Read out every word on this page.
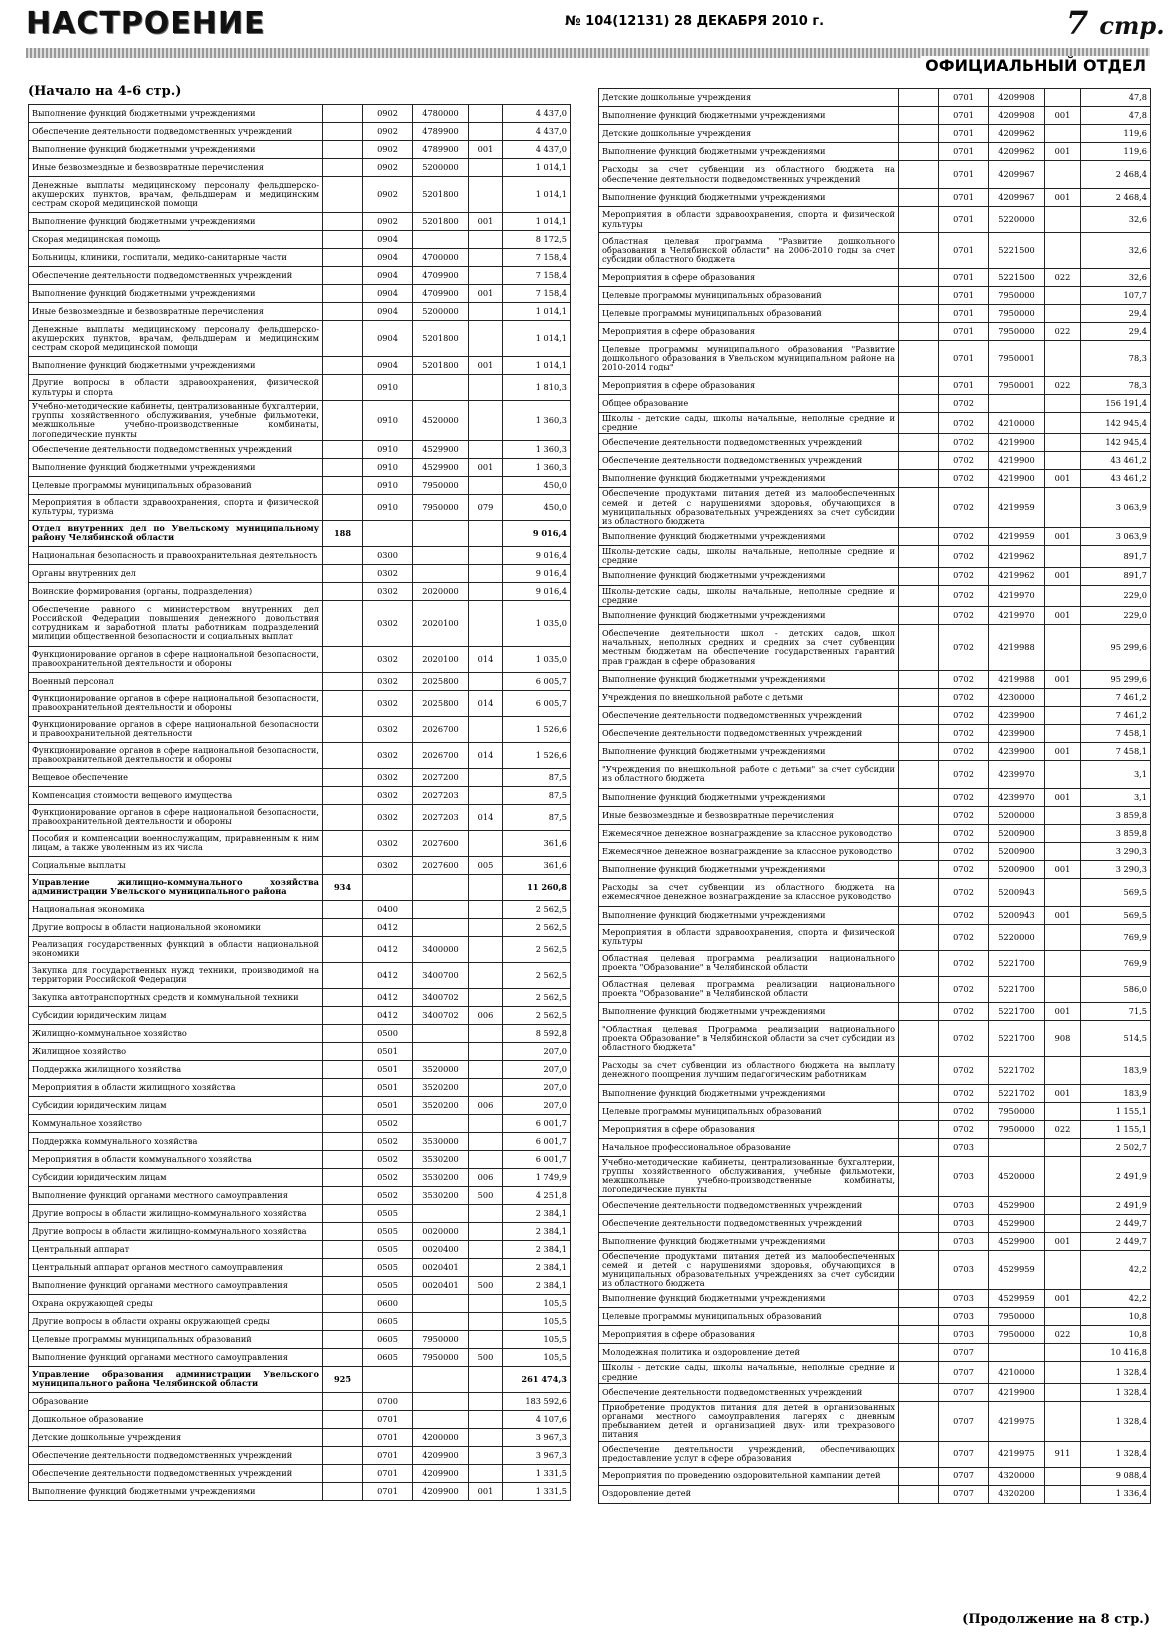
НАСТРОЕНИЕ	№ 104(12131) 28 ДЕКАБРЯ 2010 г.	7 стр.
ОФИЦИАЛЬНЫЙ ОТДЕЛ
(Начало на 4-6 стр.)
Выполнение функций бюджетными учреждениями		0902	4780000		4 437,0
Обеспечение деятельности подведомственных учреждений		0902	4789900		4 437,0
Выполнение функций бюджетными учреждениями		0902	4789900	001	4 437,0
Иные безвозмездные и безвозвратные перечисления		0902	5200000		1 014,1
Денежные выплаты медицинскому персоналу фельдшерско-акушерских пунктов, врачам, фельдшерам и медицинским сестрам скорой медицинской помощи		0902	5201800		1 014,1
Выполнение функций бюджетными учреждениями		0902	5201800	001	1 014,1
Скорая медицинская помощь		0904			8 172,5
Больницы, клиники, госпитали, медико-санитарные части		0904	4700000		7 158,4
Обеспечение деятельности подведомственных учреждений		0904	4709900		7 158,4
Выполнение функций бюджетными учреждениями		0904	4709900	001	7 158,4
Иные безвозмездные и безвозвратные перечисления		0904	5200000		1 014,1
Денежные выплаты медицинскому персоналу фельдшерско-акушерских пунктов, врачам, фельдшерам и медицинским сестрам скорой медицинской помощи		0904	5201800		1 014,1
Выполнение функций бюджетными учреждениями		0904	5201800	001	1 014,1
Другие вопросы в области здравоохранения, физической культуры и спорта		0910			1 810,3
Учебно-методические кабинеты, централизованные бухгалтерии, группы хозяйственного обслуживания, учебные фильмотеки, межшкольные учебно-производственные комбинаты, логопедические пункты		0910	4520000		1 360,3
Обеспечение деятельности подведомственных учреждений		0910	4529900		1 360,3
Выполнение функций бюджетными учреждениями		0910	4529900	001	1 360,3
Целевые программы муниципальных образований		0910	7950000		450,0
Мероприятия в области здравоохранения, спорта и физической культуры, туризма		0910	7950000	079	450,0
Отдел внутренних дел по Увельскому муниципальному району Челябинской области	188				9 016,4
Национальная безопасность и правоохранительная деятельность		0300			9 016,4
Органы внутренних дел		0302			9 016,4
Воинские формирования (органы, подразделения)		0302	2020000		9 016,4
Обеспечение равного с министерством внутренних дел Российской Федерации повышения денежного довольствия сотрудникам и заработной платы работникам подразделений милиции общественной безопасности и социальных выплат		0302	2020100		1 035,0
Функционирование органов в сфере национальной безопасности, правоохранительной деятельности и обороны		0302	2020100	014	1 035,0
Военный персонал		0302	2025800		6 005,7
Функционирование органов в сфере национальной безопасности, правоохранительной деятельности и обороны		0302	2025800	014	6 005,7
Функционирование органов в сфере национальной безопасности и правоохранительной деятельности		0302	2026700		1 526,6
Функционирование органов в сфере национальной безопасности, правоохранительной деятельности и обороны		0302	2026700	014	1 526,6
Вещевое обеспечение		0302	2027200		87,5
Компенсация стоимости вещевого имущества		0302	2027203		87,5
Функционирование органов в сфере национальной безопасности, правоохранительной деятельности и обороны		0302	2027203	014	87,5
Пособия и компенсации военнослужащим, приравненным к ним лицам, а также уволенным из их числа		0302	2027600		361,6
Социальные выплаты		0302	2027600	005	361,6
Управление жилищно-коммунального хозяйства администрации Увельского муниципального района	934				11 260,8
Национальная экономика		0400			2 562,5
Другие вопросы в области национальной экономики		0412			2 562,5
Реализация государственных функций в области национальной экономики		0412	3400000		2 562,5
Закупка для государственных нужд техники, производимой на территории Российской Федерации		0412	3400700		2 562,5
Закупка автотранспортных средств и коммунальной техники		0412	3400702		2 562,5
Субсидии юридическим лицам		0412	3400702	006	2 562,5
Жилищно-коммунальное хозяйство		0500			8 592,8
Жилищное хозяйство		0501			207,0
Поддержка жилищного хозяйства		0501	3520000		207,0
Мероприятия в области жилищного хозяйства		0501	3520200		207,0
Субсидии юридическим лицам		0501	3520200	006	207,0
Коммунальное хозяйство		0502			6 001,7
Поддержка коммунального хозяйства		0502	3530000		6 001,7
Мероприятия в области коммунального хозяйства		0502	3530200		6 001,7
Субсидии юридическим лицам		0502	3530200	006	1 749,9
Выполнение функций органами местного самоуправления		0502	3530200	500	4 251,8
Другие вопросы в области жилищно-коммунального хозяйства		0505			2 384,1
Другие вопросы в области жилищно-коммунального хозяйства		0505	0020000		2 384,1
Центральный аппарат		0505	0020400		2 384,1
Центральный аппарат органов местного самоуправления		0505	0020401		2 384,1
Выполнение функций органами местного самоуправления		0505	0020401	500	2 384,1
Охрана окружающей среды		0600			105,5
Другие вопросы в области охраны окружающей среды		0605			105,5
Целевые программы муниципальных образований		0605	7950000		105,5
Выполнение функций органами местного самоуправления		0605	7950000	500	105,5
Управление образования администрации Увельского муниципального района Челябинской области	925				261 474,3
Образование		0700			183 592,6
Дошкольное образование		0701			4 107,6
Детские дошкольные учреждения		0701	4200000		3 967,3
Обеспечение деятельности подведомственных учреждений		0701	4209900		3 967,3
Обеспечение деятельности подведомственных учреждений		0701	4209900		1 331,5
Выполнение функций бюджетными учреждениями		0701	4209900	001	1 331,5
Детские дошкольные учреждения		0701	4209908		47,8
Выполнение функций бюджетными учреждениями		0701	4209908	001	47,8
Детские дошкольные учреждения		0701	4209962		119,6
Выполнение функций бюджетными учреждениями		0701	4209962	001	119,6
Расходы за счет субвенции из областного бюджета на обеспечение деятельности подведомственных учреждений		0701	4209967		2 468,4
Выполнение функций бюджетными учреждениями		0701	4209967	001	2 468,4
Мероприятия в области здравоохранения, спорта и физической культуры		0701	5220000		32,6
Областная целевая программа "Развитие дошкольного образования в Челябинской области" на 2006-2010 годы за счет субсидии областного бюджета		0701	5221500		32,6
Мероприятия в сфере образования		0701	5221500	022	32,6
Целевые программы муниципальных образований		0701	7950000		107,7
Целевые программы муниципальных образований		0701	7950000		29,4
Мероприятия в сфере образования		0701	7950000	022	29,4
Целевые программы муниципального образования "Развитие дошкольного образования в Увельском муниципальном районе на 2010-2014 годы"		0701	7950001		78,3
Мероприятия в сфере образования		0701	7950001	022	78,3
Общее образование		0702			156 191,4
Школы - детские сады, школы начальные, неполные средние и средние		0702	4210000		142 945,4
Обеспечение деятельности подведомственных учреждений		0702	4219900		142 945,4
Обеспечение деятельности подведомственных учреждений		0702	4219900		43 461,2
Выполнение функций бюджетными учреждениями		0702	4219900	001	43 461,2
Обеспечение продуктами питания детей из малообеспеченных семей и детей с нарушениями здоровья, обучающихся в муниципальных образовательных учреждениях за счет субсидии из областного бюджета		0702	4219959		3 063,9
Выполнение функций бюджетными учреждениями		0702	4219959	001	3 063,9
Школы-детские сады, школы начальные, неполные средние и средние		0702	4219962		891,7
Выполнение функций бюджетными учреждениями		0702	4219962	001	891,7
Школы-детские сады, школы начальные, неполные средние и средние		0702	4219970		229,0
Выполнение функций бюджетными учреждениями		0702	4219970	001	229,0
Обеспечение деятельности школ - детских садов, школ начальных, неполных средних и средних за счет субвенции местным бюджетам на обеспечение государственных гарантий прав граждан в сфере образования		0702	4219988		95 299,6
Выполнение функций бюджетными учреждениями		0702	4219988	001	95 299,6
Учреждения по внешкольной работе с детьми		0702	4230000		7 461,2
Обеспечение деятельности подведомственных учреждений		0702	4239900		7 461,2
Обеспечение деятельности подведомственных учреждений		0702	4239900		7 458,1
Выполнение функций бюджетными учреждениями		0702	4239900	001	7 458,1
"Учреждения по внешкольной работе с детьми" за счет субсидии из областного бюджета		0702	4239970		3,1
Выполнение функций бюджетными учреждениями		0702	4239970	001	3,1
Иные безвозмездные и безвозвратные перечисления		0702	5200000		3 859,8
Ежемесячное денежное вознаграждение за классное руководство		0702	5200900		3 859,8
Ежемесячное денежное вознаграждение за классное руководство		0702	5200900		3 290,3
Выполнение функций бюджетными учреждениями		0702	5200900	001	3 290,3
Расходы за счет субвенции из областного бюджета на ежемесячное денежное вознаграждение за классное руководство		0702	5200943		569,5
Выполнение функций бюджетными учреждениями		0702	5200943	001	569,5
Мероприятия в области здравоохранения, спорта и физической культуры		0702	5220000		769,9
Областная целевая программа реализации национального проекта "Образование" в Челябинской области		0702	5221700		769,9
Областная целевая программа реализации национального проекта "Образование" в Челябинской области		0702	5221700		586,0
Выполнение функций бюджетными учреждениями		0702	5221700	001	71,5
"Областная целевая Программа реализации национального проекта Образование" в Челябинской области за счет субсидии из областного бюджета"		0702	5221700	908	514,5
Расходы за счет субвенции из областного бюджета на выплату денежного поощрения лучшим педагогическим работникам		0702	5221702		183,9
Выполнение функций бюджетными учреждениями		0702	5221702	001	183,9
Целевые программы муниципальных образований		0702	7950000		1 155,1
Мероприятия в сфере образования		0702	7950000	022	1 155,1
Начальное профессиональное образование		0703			2 502,7
Учебно-методические кабинеты, централизованные бухгалтерии, группы хозяйственного обслуживания, учебные фильмотеки, межшкольные учебно-производственные комбинаты, логопедические пункты		0703	4520000		2 491,9
Обеспечение деятельности подведомственных учреждений		0703	4529900		2 491,9
Обеспечение деятельности подведомственных учреждений		0703	4529900		2 449,7
Выполнение функций бюджетными учреждениями		0703	4529900	001	2 449,7
Обеспечение продуктами питания детей из малообеспеченных семей и детей с нарушениями здоровья, обучающихся в муниципальных образовательных учреждениях за счет субсидии из областного бюджета		0703	4529959		42,2
Выполнение функций бюджетными учреждениями		0703	4529959	001	42,2
Целевые программы муниципальных образований		0703	7950000		10,8
Мероприятия в сфере образования		0703	7950000	022	10,8
Молодежная политика и оздоровление детей		0707			10 416,8
Школы - детские сады, школы начальные, неполные средние и средние		0707	4210000		1 328,4
Обеспечение деятельности подведомственных учреждений		0707	4219900		1 328,4
Приобретение продуктов питания для детей в организованных органами местного самоуправления лагерях с дневным пребыванием детей и организацией двух- или трехразового питания		0707	4219975		1 328,4
Обеспечение деятельности учреждений, обеспечивающих предоставление услуг в сфере образования		0707	4219975	911	1 328,4
Мероприятия по проведению оздоровительной кампании детей		0707	4320000		9 088,4
Оздоровление детей		0707	4320200		1 336,4
(Продолжение на 8 стр.)
